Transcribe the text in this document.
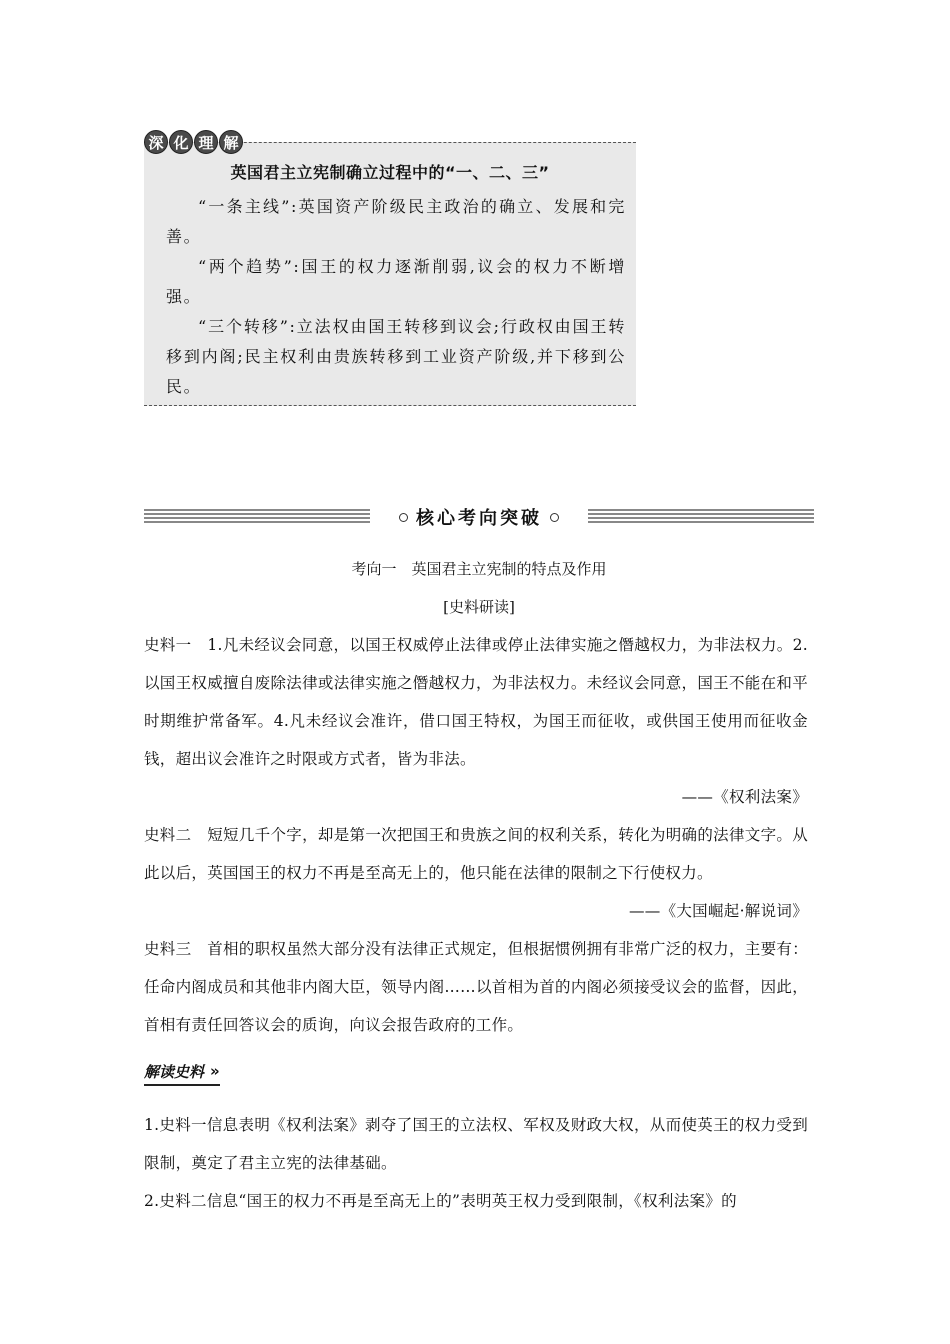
深 化 理 解
英国君主立宪制确立过程中的“一、二、三”

“一条主线”:英国资产阶级民主政治的确立、发展和完善。

“两个趋势”:国王的权力逐渐削弱,议会的权力不断增强。

“三个转移”:立法权由国王转移到议会;行政权由国王转移到内阁;民主权利由贵族转移到工业资产阶级,并下移到公民。

核心考向突破
考向一　英国君主立宪制的特点及作用
[史料研读]

史料一　1.凡未经议会同意，以国王权威停止法律或停止法律实施之僭越权力，为非法权力。2.以国王权威擅自废除法律或法律实施之僭越权力，为非法权力。未经议会同意，国王不能在和平时期维护常备军。4.凡未经议会准许，借口国王特权，为国王而征收，或供国王使用而征收金钱，超出议会准许之时限或方式者，皆为非法。

——《权利法案》

史料二　短短几千个字，却是第一次把国王和贵族之间的权利关系，转化为明确的法律文字。从此以后，英国国王的权力不再是至高无上的，他只能在法律的限制之下行使权力。

——《大国崛起·解说词》

史料三　首相的职权虽然大部分没有法律正式规定，但根据惯例拥有非常广泛的权力，主要有：任命内阁成员和其他非内阁大臣，领导内阁……以首相为首的内阁必须接受议会的监督，因此，首相有责任回答议会的质询，向议会报告政府的工作。

解读史料 »

1.史料一信息表明《权利法案》剥夺了国王的立法权、军权及财政大权，从而使英王的权力受到限制，奠定了君主立宪的法律基础。

2.史料二信息“国王的权力不再是至高无上的”表明英王权力受到限制，《权利法案》的
